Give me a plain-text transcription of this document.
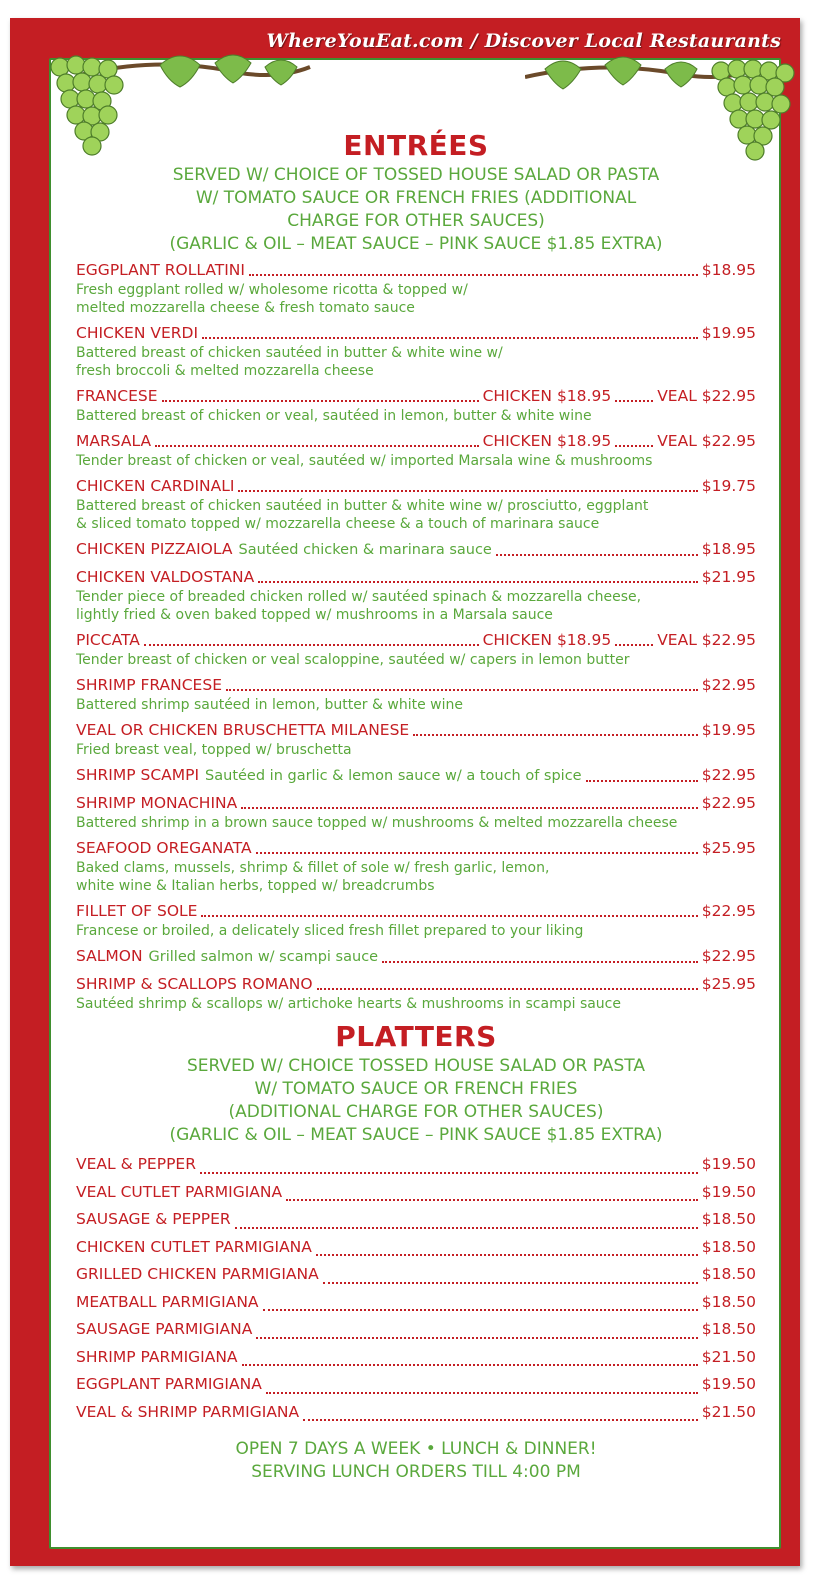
WhereYouEat.com / Discover Local Restaurants
ENTRÉES
SERVED W/ CHOICE OF TOSSED HOUSE SALAD OR PASTA
W/ TOMATO SAUCE OR FRENCH FRIES (ADDITIONAL
CHARGE FOR OTHER SAUCES)
(GARLIC & OIL – MEAT SAUCE – PINK SAUCE $1.85 EXTRA)
EGGPLANT ROLLATINI	$18.95
Fresh eggplant rolled w/ wholesome ricotta & topped w/
melted mozzarella cheese & fresh tomato sauce
CHICKEN VERDI	$19.95
Battered breast of chicken sautéed in butter & white wine w/
fresh broccoli & melted mozzarella cheese
FRANCESE	CHICKEN $18.95	VEAL $22.95
Battered breast of chicken or veal, sautéed in lemon, butter & white wine
MARSALA	CHICKEN $18.95	VEAL $22.95
Tender breast of chicken or veal, sautéed w/ imported Marsala wine & mushrooms
CHICKEN CARDINALI	$19.75
Battered breast of chicken sautéed in butter & white wine w/ prosciutto, eggplant
& sliced tomato topped w/ mozzarella cheese & a touch of marinara sauce
CHICKEN PIZZAIOLA Sautéed chicken & marinara sauce	$18.95
CHICKEN VALDOSTANA	$21.95
Tender piece of breaded chicken rolled w/ sautéed spinach & mozzarella cheese,
lightly fried & oven baked topped w/ mushrooms in a Marsala sauce
PICCATA	CHICKEN $18.95	VEAL $22.95
Tender breast of chicken or veal scaloppine, sautéed w/ capers in lemon butter
SHRIMP FRANCESE	$22.95
Battered shrimp sautéed in lemon, butter & white wine
VEAL OR CHICKEN BRUSCHETTA MILANESE	$19.95
Fried breast veal, topped w/ bruschetta
SHRIMP SCAMPI Sautéed in garlic & lemon sauce w/ a touch of spice	$22.95
SHRIMP MONACHINA	$22.95
Battered shrimp in a brown sauce topped w/ mushrooms & melted mozzarella cheese
SEAFOOD OREGANATA	$25.95
Baked clams, mussels, shrimp & fillet of sole w/ fresh garlic, lemon,
white wine & Italian herbs, topped w/ breadcrumbs
FILLET OF SOLE	$22.95
Francese or broiled, a delicately sliced fresh fillet prepared to your liking
SALMON Grilled salmon w/ scampi sauce	$22.95
SHRIMP & SCALLOPS ROMANO	$25.95
Sautéed shrimp & scallops w/ artichoke hearts & mushrooms in scampi sauce
PLATTERS
SERVED W/ CHOICE TOSSED HOUSE SALAD OR PASTA
W/ TOMATO SAUCE OR FRENCH FRIES
(ADDITIONAL CHARGE FOR OTHER SAUCES)
(GARLIC & OIL – MEAT SAUCE – PINK SAUCE $1.85 EXTRA)
VEAL & PEPPER	$19.50
VEAL CUTLET PARMIGIANA	$19.50
SAUSAGE & PEPPER	$18.50
CHICKEN CUTLET PARMIGIANA	$18.50
GRILLED CHICKEN PARMIGIANA	$18.50
MEATBALL PARMIGIANA	$18.50
SAUSAGE PARMIGIANA	$18.50
SHRIMP PARMIGIANA	$21.50
EGGPLANT PARMIGIANA	$19.50
VEAL & SHRIMP PARMIGIANA	$21.50
OPEN 7 DAYS A WEEK • LUNCH & DINNER!
SERVING LUNCH ORDERS TILL 4:00 PM
